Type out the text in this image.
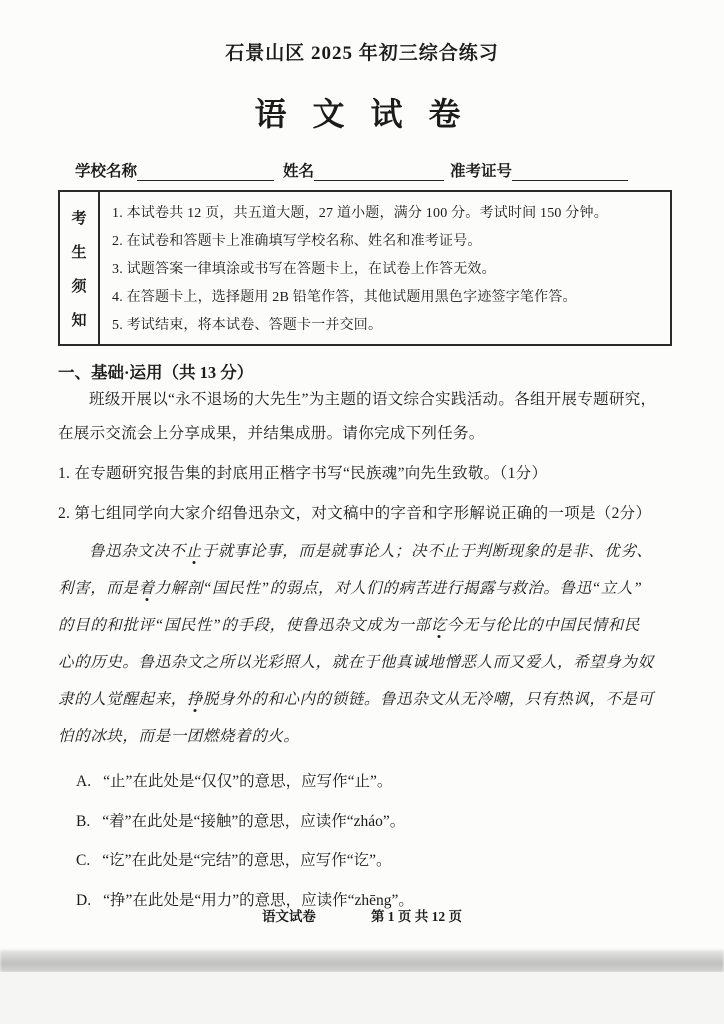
石景山区 2025 年初三综合练习
语 文 试 卷
学校名称	姓名	准考证号
考
生
须
知
1. 本试卷共 12 页，共五道大题，27 道小题，满分 100 分。考试时间 150 分钟。
2. 在试卷和答题卡上准确填写学校名称、姓名和准考证号。
3. 试题答案一律填涂或书写在答题卡上，在试卷上作答无效。
4. 在答题卡上，选择题用 2B 铅笔作答，其他试题用黑色字迹签字笔作答。
5. 考试结束，将本试卷、答题卡一并交回。
一、基础·运用（共 13 分）
班级开展以“永不退场的大先生”为主题的语文综合实践活动。各组开展专题研究，
在展示交流会上分享成果，并结集成册。请你完成下列任务。
1. 在专题研究报告集的封底用正楷字书写“民族魂”向先生致敬。（1分）
2. 第七组同学向大家介绍鲁迅杂文，对文稿中的字音和字形解说正确的一项是（2分）
鲁迅杂文决不止于就事论事，而是就事论人；决不止于判断现象的是非、优劣、
利害，而是着力解剖“国民性”的弱点，对人们的病苦进行揭露与救治。鲁迅“立人”
的目的和批评“国民性”的手段，使鲁迅杂文成为一部讫今无与伦比的中国民情和民
心的历史。鲁迅杂文之所以光彩照人，就在于他真诚地憎恶人而又爱人，希望身为奴
隶的人觉醒起来，挣脱身外的和心内的锁链。鲁迅杂文从无冷嘲，只有热讽，不是可
怕的冰块，而是一团燃烧着的火。
A. “止”在此处是“仅仅”的意思，应写作“止”。
B. “着”在此处是“接触”的意思，应读作“zháo”。
C. “讫”在此处是“完结”的意思，应写作“讫”。
D. “挣”在此处是“用力”的意思，应读作“zhēng”。
语文试卷	第 1 页 共 12 页
